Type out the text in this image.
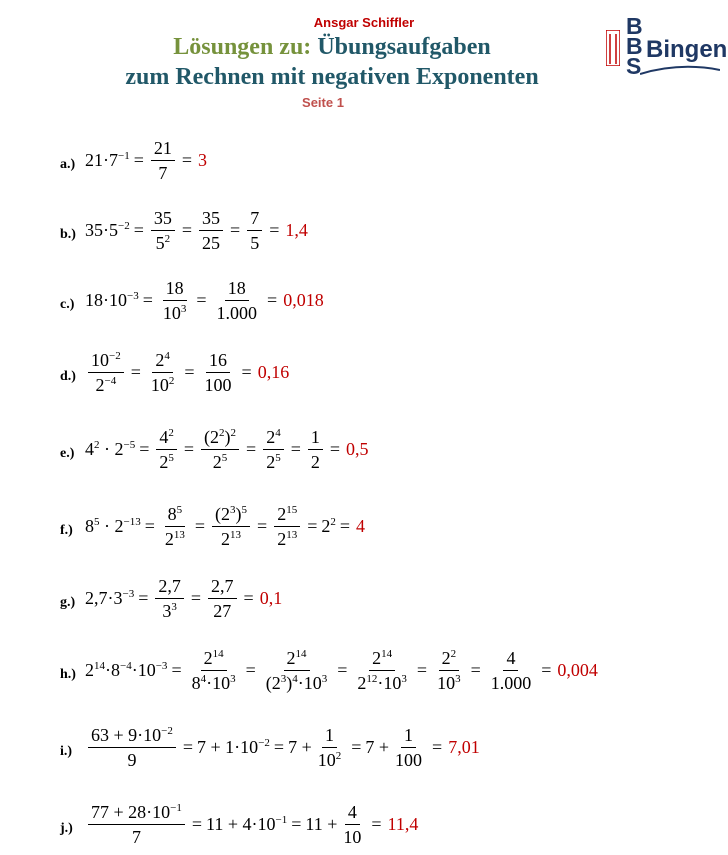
Ansgar Schiffler
Lösungen zu: Übungsaufgaben
zum Rechnen mit negativen Exponenten
Seite 1
B
B
S
Bingen
a.) $21\cdot 7^{-1} = \frac{21}{7} = 3$
b.) $35\cdot 5^{-2} = \frac{35}{5^2} = \frac{35}{25} = \frac{7}{5} = 1,4$
c.) $18\cdot 10^{-3} = \frac{18}{10^3} = \frac{18}{1.000} = 0,018$
$d.) \frac{10^{-2}}{2^{-4}} = \frac{2^4}{10^2} = \frac{16}{100} = 0,16$
e.) $4^2 \cdot 2^{-5} = \frac{4^2}{2^5} = \frac{(2^2)^2}{2^5} = \frac{2^4}{2^5} = \frac{1}{2} = 0,5$
f.) $8^5 \cdot 2^{-13} = \frac{8^5}{2^{13}} = \frac{(2^3)^5}{2^{13}} = \frac{2^{15}}{2^{13}} = 2^2 = 4$
g.) $2,7\cdot 3^{-3} = \frac{2,7}{3^3} = \frac{2,7}{27} = 0,1$
h.) $2^{14}\cdot 8^{-4}\cdot 10^{-3} = \frac{2^{14}}{8^4\cdot 10^3} = \frac{2^{14}}{(2^3)^4\cdot 10^3} = \frac{2^{14}}{2^{12}\cdot 10^3} = \frac{2^2}{10^3} = \frac{4}{1.000} = 0,004$
$i.) \frac{63 + 9\cdot 10^{-2}}{9} = 7 + 1\cdot 10^{-2} = 7 + \frac{1}{10^2} = 7 + \frac{1}{100} = 7,01$
$j.) \frac{77 + 28\cdot 10^{-1}}{7} = 11 + 4\cdot 10^{-1} = 11 + \frac{4}{10} = 11,4$
